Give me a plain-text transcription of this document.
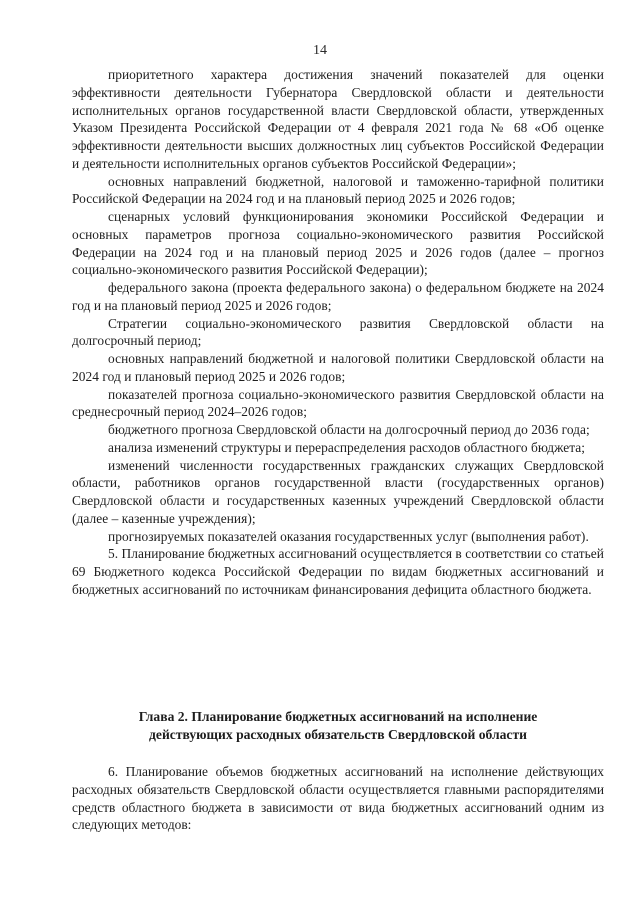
14

приоритетного характера достижения значений показателей для оценки эффективности деятельности Губернатора Свердловской области и деятельности исполнительных органов государственной власти Свердловской области, утвержденных Указом Президента Российской Федерации от 4 февраля 2021 года № 68 «Об оценке эффективности деятельности высших должностных лиц субъектов Российской Федерации и деятельности исполнительных органов субъектов Российской Федерации»;

основных направлений бюджетной, налоговой и таможенно-тарифной политики Российской Федерации на 2024 год и на плановый период 2025 и 2026 годов;

сценарных условий функционирования экономики Российской Федерации и основных параметров прогноза социально-экономического развития Российской Федерации на 2024 год и на плановый период 2025 и 2026 годов (далее – прогноз социально-экономического развития Российской Федерации);

федерального закона (проекта федерального закона) о федеральном бюджете на 2024 год и на плановый период 2025 и 2026 годов;

Стратегии социально-экономического развития Свердловской области на долгосрочный период;

основных направлений бюджетной и налоговой политики Свердловской области на 2024 год и плановый период 2025 и 2026 годов;

показателей прогноза социально-экономического развития Свердловской области на среднесрочный период 2024–2026 годов;

бюджетного прогноза Свердловской области на долгосрочный период до 2036 года;

анализа изменений структуры и перераспределения расходов областного бюджета;

изменений численности государственных гражданских служащих Свердловской области, работников органов государственной власти (государственных органов) Свердловской области и государственных казенных учреждений Свердловской области (далее – казенные учреждения);

прогнозируемых показателей оказания государственных услуг (выполнения работ).

5. Планирование бюджетных ассигнований осуществляется в соответствии со статьей 69 Бюджетного кодекса Российской Федерации по видам бюджетных ассигнований и бюджетных ассигнований по источникам финансирования дефицита областного бюджета.

Глава 2. Планирование бюджетных ассигнований на исполнение
действующих расходных обязательств Свердловской области

6. Планирование объемов бюджетных ассигнований на исполнение действующих расходных обязательств Свердловской области осуществляется главными распорядителями средств областного бюджета в зависимости от вида бюджетных ассигнований одним из следующих методов:
